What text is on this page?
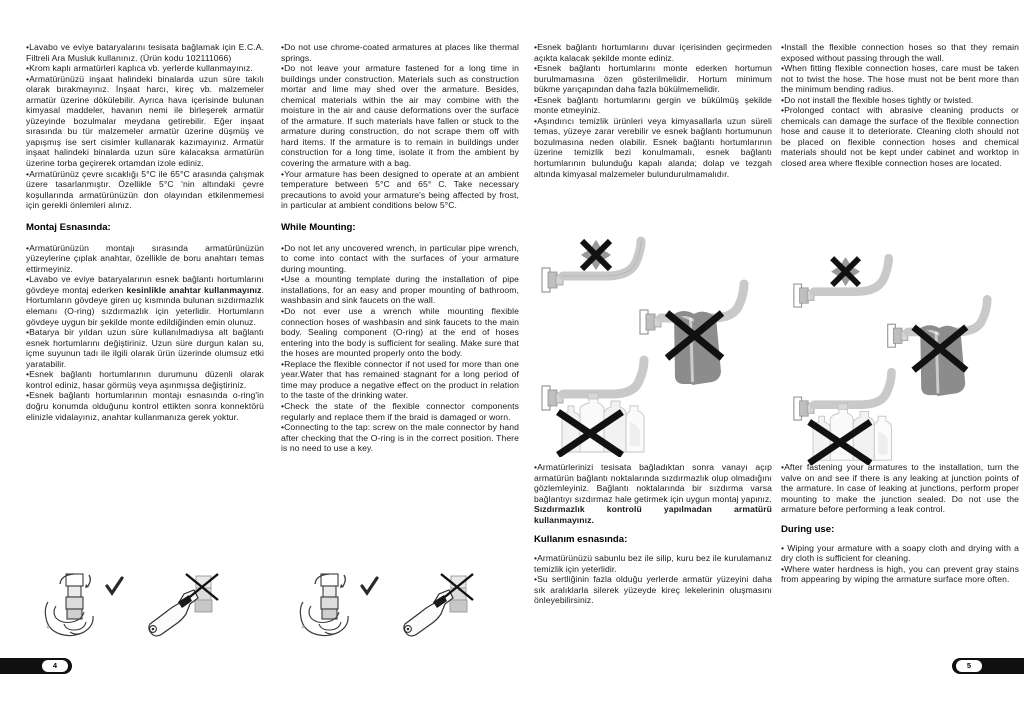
•Lavabo ve eviye bataryalarını tesisata bağlamak için E.C.A. Filtreli Ara Musluk kullanınız. (Ürün kodu 102111066)

•Krom kaplı armatürleri kaplıca vb. yerlerde kullanmayınız.

•Armatürünüzü inşaat halindeki binalarda uzun süre takılı olarak bırakmayınız. İnşaat harcı, kireç vb. malzemeler armatür üzerine dökülebilir. Ayrıca hava içerisinde bulunan kimyasal maddeler, havanın nemi ile birleşerek armatür yüzeyinde bozulmalar meydana getirebilir. Eğer inşaat sırasında bu tür malzemeler armatür üzerine düşmüş ve yapışmış ise sert cisimler kullanarak kazımayınız. Armatür inşaat halindeki binalarda uzun süre kalacaksa armatürün üzerine torba geçirerek ortamdan izole ediniz.

•Armatürünüz çevre sıcaklığı 5°C ile 65°C arasında çalışmak üzere tasarlanmıştır. Özellikle 5°C 'nin altındaki çevre koşullarında armatürünüzün don olayından etkilenmemesi için gerekli önlemleri alınız.

Montaj Esnasında:

•Armatürünüzün montajı sırasında armatürünüzün yüzeylerine çıplak anahtar, özellikle de boru anahtarı temas ettirmeyiniz.

•Lavabo ve eviye bataryalarının esnek bağlantı hortumlarını gövdeye montaj ederken kesinlikle anahtar kullanmayınız. Hortumların gövdeye giren uç kısmında bulunan sızdırmazlık elemanı (O-ring) sızdırmazlık için yeterlidir. Hortumların gövdeye uygun bir şekilde monte edildiğinden emin olunuz.

•Batarya bir yıldan uzun süre kullanılmadıysa alt bağlantı esnek hortumlarını değiştiriniz. Uzun süre durgun kalan su, içme suyunun tadı ile ilgili olarak ürün üzerinde olumsuz etki yaratabilir.

•Esnek bağlantı hortumlarının durumunu düzenli olarak kontrol ediniz, hasar görmüş veya aşınmışsa değiştiriniz.

•Esnek bağlantı hortumlarının montajı esnasında o-ring'in doğru konumda olduğunu kontrol ettikten sonra konnektörü elinizle vidalayınız, anahtar kullanmanıza gerek yoktur.

•Do not use chrome-coated armatures at places like thermal springs.

•Do not leave your armature fastened for a long time in buildings under construction. Materials such as construction mortar and lime may shed over the armature. Besides, chemical materials within the air may combine with the moisture in the air and cause deformations over the surface of the armature. If such materials have fallen or stuck to the armature during construction, do not scrape them off with hard items. If the armature is to remain in buildings under construction for a long time, isolate it from the ambient by covering the armature with a bag.

•Your armature has been designed to operate at an ambient temperature between 5°C and 65° C. Take necessary precautions to avoid your armature's being affected by frost, in particular at ambient conditions below 5°C.

While Mounting:

•Do not let any uncovered wrench, in particular pipe wrench, to come into contact with the surfaces of your armature during mounting.

•Use a mounting template during the installation of pipe installations, for an easy and proper mounting of bathroom, washbasin and sink faucets on the wall.

•Do not ever use a wrench while mounting flexible connection hoses of washbasin and sink faucets to the main body. Sealing component (O-ring) at the end of hoses entering into the body is sufficient for sealing. Make sure that the hoses are mounted properly onto the body.

•Replace the flexible connector if not used for more than one year.Water that has remained stagnant for a long period of time may produce a negative effect on the product in relation to the taste of the drinking water.

•Check the state of the flexible connector components regularly and replace them if the braid is damaged or worn.

•Connecting to the tap: screw on the male connector by hand after checking that the O-ring is in the correct position. There is no need to use a key.

•Esnek bağlantı hortumlarını duvar içerisinden geçirmeden açıkta kalacak şekilde monte ediniz.

•Esnek bağlantı hortumlarını monte ederken hortumun burulmamasına özen gösterilmelidir. Hortum minimum bükme yarıçapından daha fazla bükülmemelidir.

•Esnek bağlantı hortumlarını gergin ve bükülmüş şekilde monte etmeyiniz.

•Aşındırıcı temizlik ürünleri veya kimyasallarla uzun süreli temas, yüzeye zarar verebilir ve esnek bağlantı hortumunun bozulmasına neden olabilir. Esnek bağlantı hortumlarının üzerine temizlik bezi konulmamalı, esnek bağlantı hortumlarının bulunduğu kapalı alanda; dolap ve tezgah altında kimyasal malzemeler bulundurulmamalıdır.

•Install the flexible connection hoses so that they remain exposed without passing through the wall.

•When fitting flexible connection hoses, care must be taken not to twist the hose. The hose must not be bent more than the minimum bending radius.

•Do not install the flexible hoses tightly or twisted.

•Prolonged contact with abrasive cleaning products or chemicals can damage the surface of the flexible connection hose and cause it to deteriorate. Cleaning cloth should not be placed on flexible connection hoses and chemical materials should not be kept under cabinet and worktop in closed area where flexible connection hoses are located.

•Armatürlerinizi tesisata bağladıktan sonra vanayı açıp armatürün bağlantı noktalarında sızdırmazlık olup olmadığını gözlemleyiniz. Bağlantı noktalarında bir sızdırma varsa bağlantıyı sızdırmaz hale getirmek için uygun montaj yapınız.

Sızdırmazlık kontrolü yapılmadan armatürü kullanmayınız.

Kullanım esnasında:

•Armatürünüzü sabunlu bez ile silip, kuru bez ile kurulamanız temizlik için yeterlidir.

•Su sertliğinin fazla olduğu yerlerde armatür yüzeyini daha sık aralıklarla silerek yüzeyde kireç lekelerinin oluşmasını önleyebilirsiniz.

•After fastening your armatures to the installation, turn the valve on and see if there is any leaking at junction points of the armature. In case of leaking at junctions, perform proper mounting to make the junction sealed. Do not use the armature before performing a leak control.

During use:

• Wiping your armature with a soapy cloth and drying with a dry cloth is sufficient for cleaning.

•Where water hardness is high, you can prevent gray stains from appearing by wiping the armature surface more often.

4	5
